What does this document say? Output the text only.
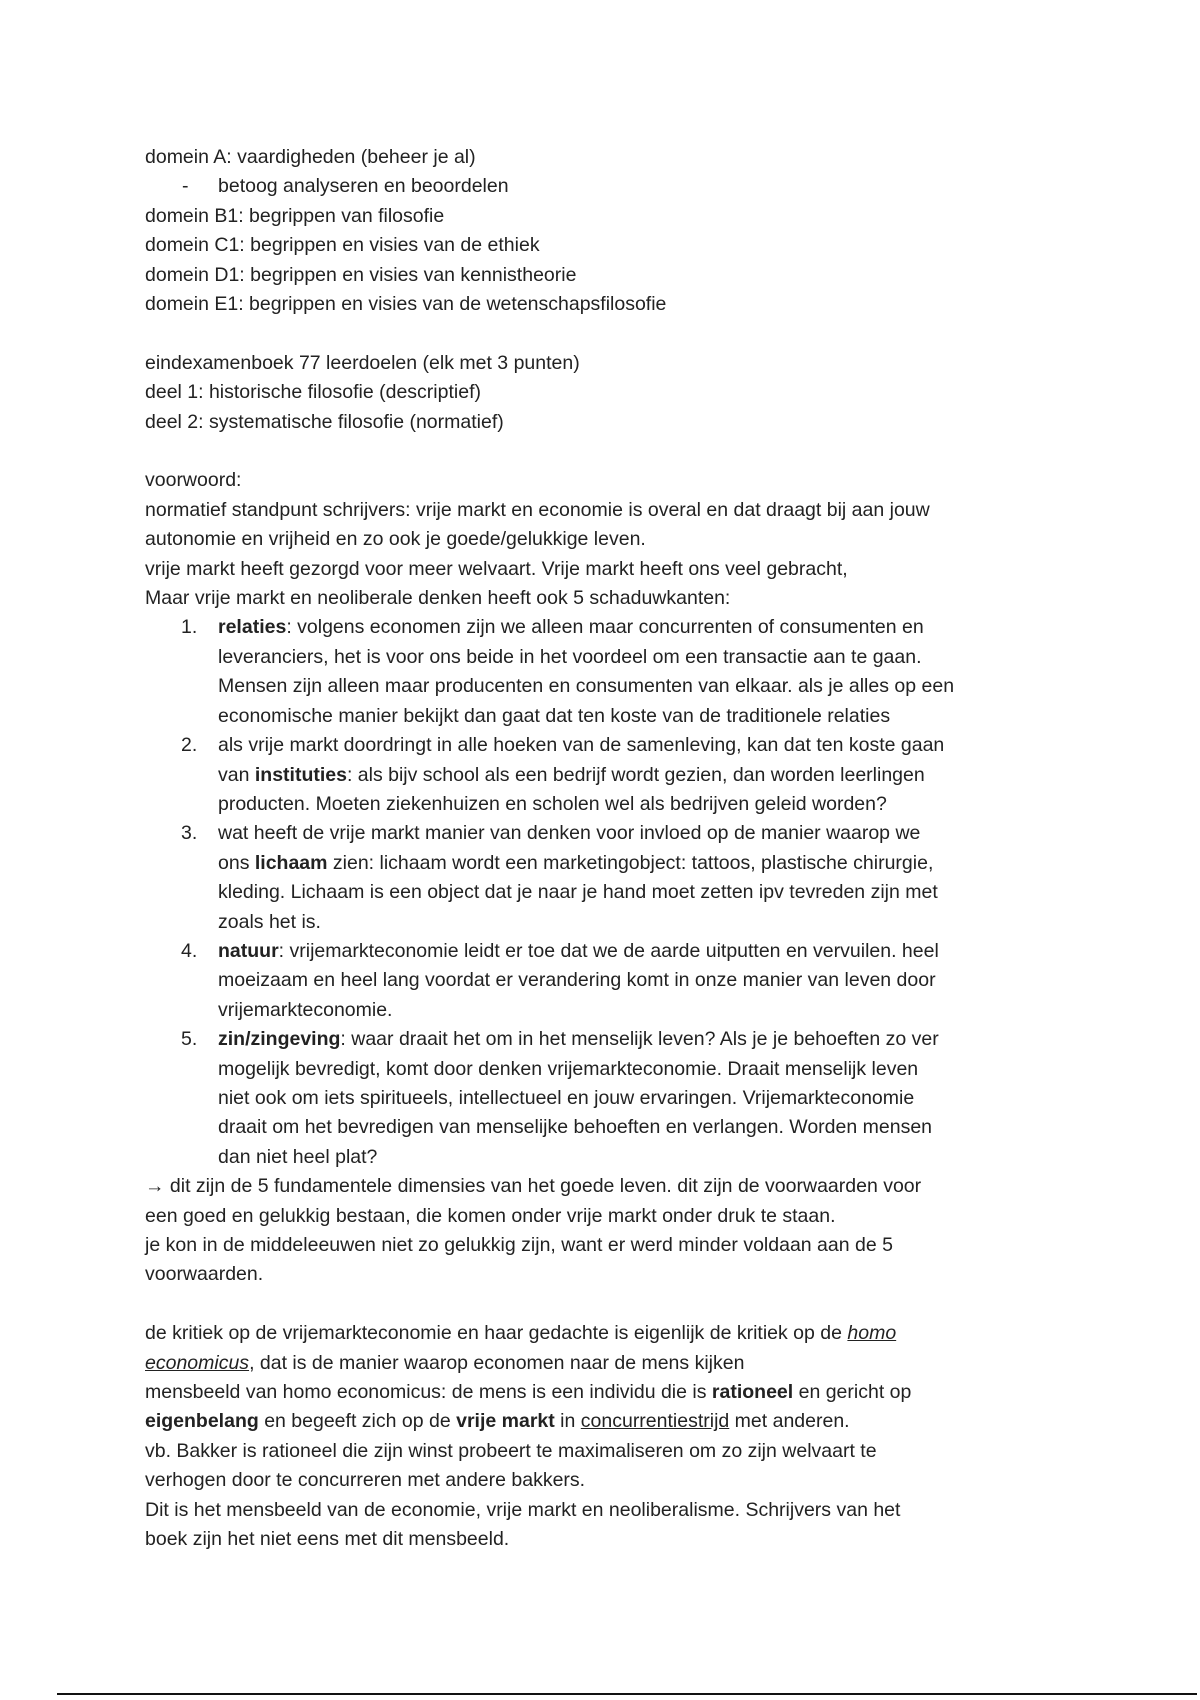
domein A: vaardigheden (beheer je al)
- betoog analyseren en beoordelen
domein B1: begrippen van filosofie
domein C1: begrippen en visies van de ethiek
domein D1: begrippen en visies van kennistheorie
domein E1: begrippen en visies van de wetenschapsfilosofie
eindexamenboek 77 leerdoelen (elk met 3 punten)
deel 1: historische filosofie (descriptief)
deel 2: systematische filosofie (normatief)
voorwoord:
normatief standpunt schrijvers: vrije markt en economie is overal en dat draagt bij aan jouw
autonomie en vrijheid en zo ook je goede/gelukkige leven.
vrije markt heeft gezorgd voor meer welvaart. Vrije markt heeft ons veel gebracht,
Maar vrije markt en neoliberale denken heeft ook 5 schaduwkanten:
1. relaties: volgens economen zijn we alleen maar concurrenten of consumenten en
leveranciers, het is voor ons beide in het voordeel om een transactie aan te gaan.
Mensen zijn alleen maar producenten en consumenten van elkaar. als je alles op een
economische manier bekijkt dan gaat dat ten koste van de traditionele relaties
2. als vrije markt doordringt in alle hoeken van de samenleving, kan dat ten koste gaan
van instituties: als bijv school als een bedrijf wordt gezien, dan worden leerlingen
producten. Moeten ziekenhuizen en scholen wel als bedrijven geleid worden?
3. wat heeft de vrije markt manier van denken voor invloed op de manier waarop we
ons lichaam zien: lichaam wordt een marketingobject: tattoos, plastische chirurgie,
kleding. Lichaam is een object dat je naar je hand moet zetten ipv tevreden zijn met
zoals het is.
4. natuur: vrijemarkteconomie leidt er toe dat we de aarde uitputten en vervuilen. heel
moeizaam en heel lang voordat er verandering komt in onze manier van leven door
vrijemarkteconomie.
5. zin/zingeving: waar draait het om in het menselijk leven? Als je je behoeften zo ver
mogelijk bevredigt, komt door denken vrijemarkteconomie. Draait menselijk leven
niet ook om iets spiritueels, intellectueel en jouw ervaringen. Vrijemarkteconomie
draait om het bevredigen van menselijke behoeften en verlangen. Worden mensen
dan niet heel plat?
→ dit zijn de 5 fundamentele dimensies van het goede leven. dit zijn de voorwaarden voor
een goed en gelukkig bestaan, die komen onder vrije markt onder druk te staan.
je kon in de middeleeuwen niet zo gelukkig zijn, want er werd minder voldaan aan de 5
voorwaarden.
de kritiek op de vrijemarkteconomie en haar gedachte is eigenlijk de kritiek op de homo
economicus, dat is de manier waarop economen naar de mens kijken
mensbeeld van homo economicus: de mens is een individu die is rationeel en gericht op
eigenbelang en begeeft zich op de vrije markt in concurrentiestrijd met anderen.
vb. Bakker is rationeel die zijn winst probeert te maximaliseren om zo zijn welvaart te
verhogen door te concurreren met andere bakkers.
Dit is het mensbeeld van de economie, vrije markt en neoliberalisme. Schrijvers van het
boek zijn het niet eens met dit mensbeeld.
